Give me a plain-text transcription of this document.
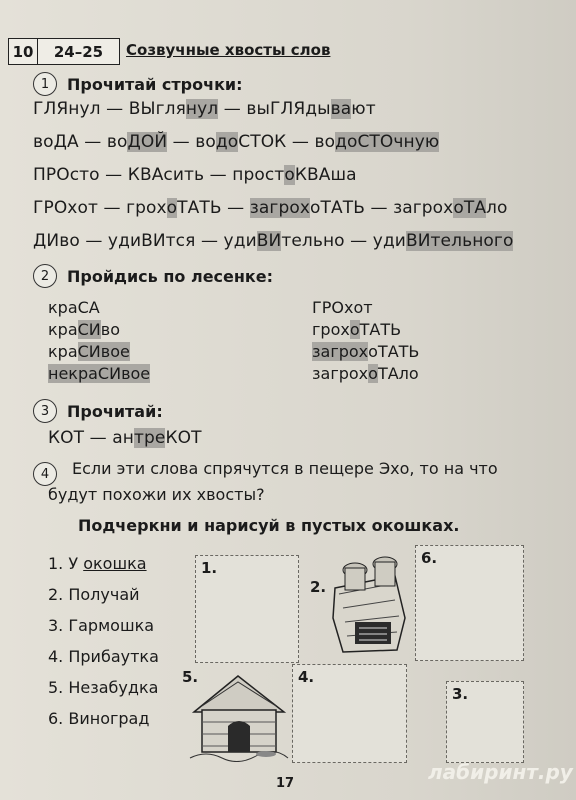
10	24–25	Созвучные хвосты слов
1	Прочитай строчки:
ГЛЯнул — ВЫглянул — выГЛЯдывают
воДА — воДОЙ — водоСТОК — водоСТОчную
ПРОсто — КВАсить — простоКВАша
ГРОхот — грохоТАТЬ — загрохоТАТЬ — загрохоТАло
ДИво — удиВИтся — удиВИтельно — удиВИтельного
2	Пройдись по лесенке:
краСА
краСИво
краСИвое
некраСИвое
ГРОхот
грохоТАТЬ
загрохоТАТЬ
загрохоТАло
3	Прочитай:
КОТ — антреКОТ
4	Если эти слова спрячутся в пещере Эхо, то на что будут похожи их хвосты?
Подчеркни и нарисуй в пустых окошках.
1. У окошка
2. Получай
3. Гармошка
4. Прибаутка
5. Незабудка
6. Виноград
1.
2.
6.
5.	4.
3.
17	лабиринт.ру
